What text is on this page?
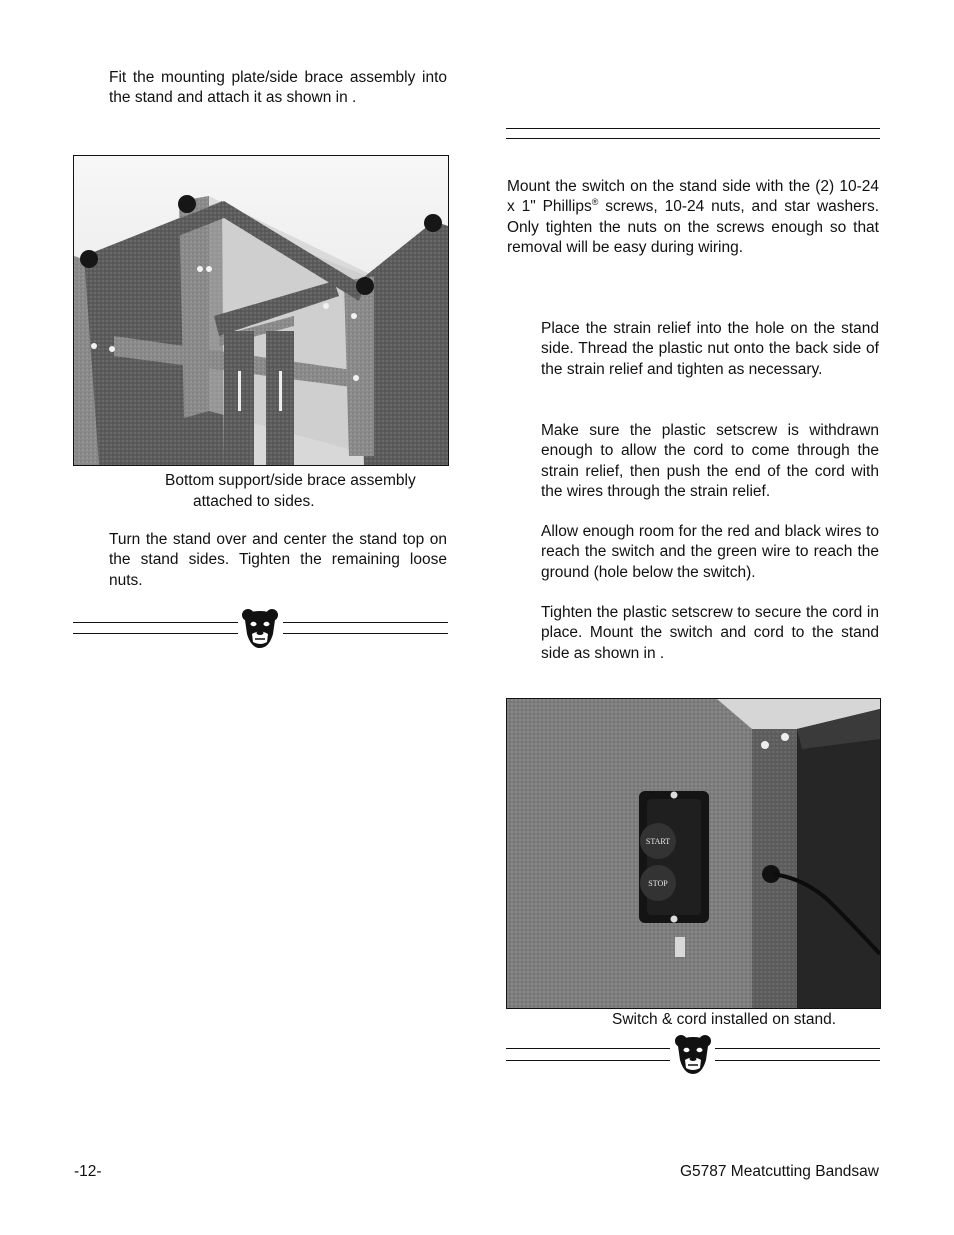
Fit the mounting plate/side brace assembly into the stand and attach it as shown in .

Bottom support/side brace assembly

attached to sides.

Turn the stand over and center the stand top on the stand sides. Tighten the remaining loose nuts.

Mount the switch on the stand side with the (2) 10-24 x 1" Phillips® screws, 10-24 nuts, and star washers. Only tighten the nuts on the screws enough so that removal will be easy during wiring.

Place the strain relief into the hole on the stand side. Thread the plastic nut onto the back side of the strain relief and tighten as necessary.

Make sure the plastic setscrew is withdrawn enough to allow the cord to come through the strain relief, then push the end of the cord with the wires through the strain relief.

Allow enough room for the red and black wires to reach the switch and the green wire to reach the ground (hole below the switch).

Tighten the plastic setscrew to secure the cord in place. Mount the switch and cord to the stand side as shown in .

START
STOP

Switch & cord installed on stand.

-12-	G5787 Meatcutting Bandsaw
